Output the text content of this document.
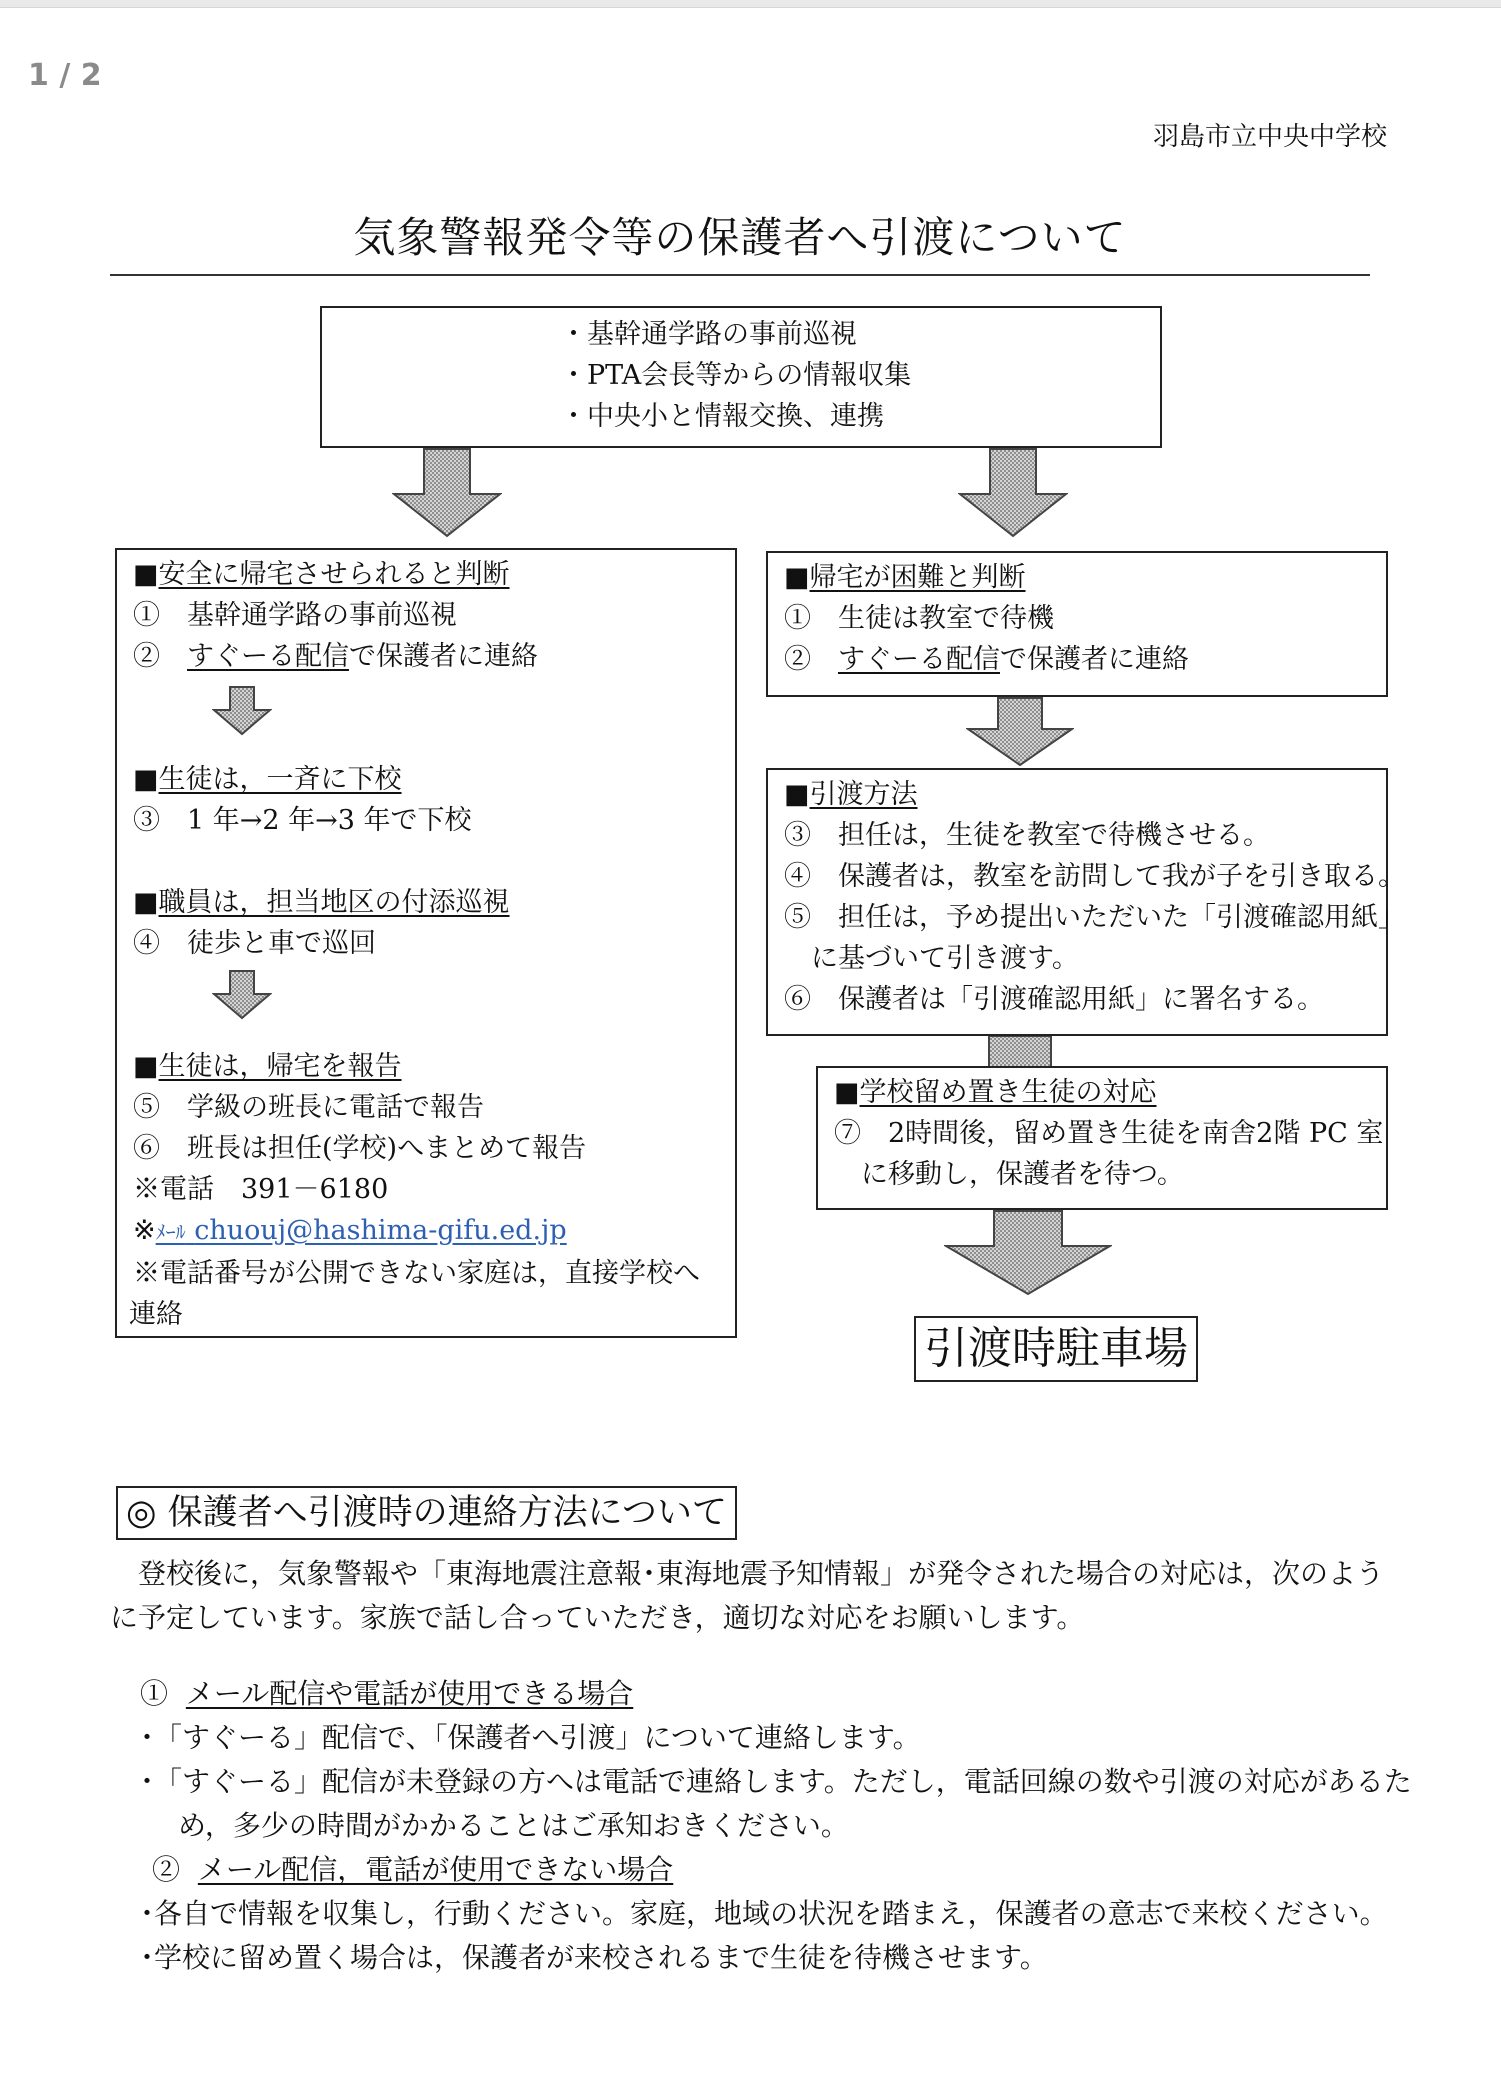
1 / 2
羽島市立中央中学校
気象警報発令等の保護者へ引渡について
・基幹通学路の事前巡視
・PTA会長等からの情報収集
・中央小と情報交換、連携
■安全に帰宅させられると判断
①　基幹通学路の事前巡視
②　すぐーる配信で保護者に連絡
■生徒は，一斉に下校
③　1 年→2 年→3 年で下校
■職員は，担当地区の付添巡視
④　徒歩と車で巡回
■生徒は，帰宅を報告
⑤　学級の班長に電話で報告
⑥　班長は担任(学校)へまとめて報告
※電話　391－6180
※ﾒｰﾙ chuouj@hashima-gifu.ed.jp
※電話番号が公開できない家庭は，直接学校へ
連絡
■帰宅が困難と判断
①　生徒は教室で待機
②　すぐーる配信で保護者に連絡
■引渡方法
③　担任は，生徒を教室で待機させる。
④　保護者は，教室を訪問して我が子を引き取る。
⑤　担任は，予め提出いただいた「引渡確認用紙」
　に基づいて引き渡す。
⑥　保護者は「引渡確認用紙」に署名する。
■学校留め置き生徒の対応
⑦　2時間後，留め置き生徒を南舎2階 PC 室
　に移動し，保護者を待つ。
引渡時駐車場
◎ 保護者へ引渡時の連絡方法について
　登校後に，気象警報や「東海地震注意報･東海地震予知情報」が発令された場合の対応は，次のよう
に予定しています。家族で話し合っていただき，適切な対応をお願いします。
① メール配信や電話が使用できる場合
･「すぐーる」配信で、「保護者へ引渡」について連絡します。
･「すぐーる」配信が未登録の方へは電話で連絡します。ただし，電話回線の数や引渡の対応があるた
　め，多少の時間がかかることはご承知おきください。
② メール配信，電話が使用できない場合
･各自で情報を収集し，行動ください。家庭，地域の状況を踏まえ，保護者の意志で来校ください。
･学校に留め置く場合は，保護者が来校されるまで生徒を待機させます。
